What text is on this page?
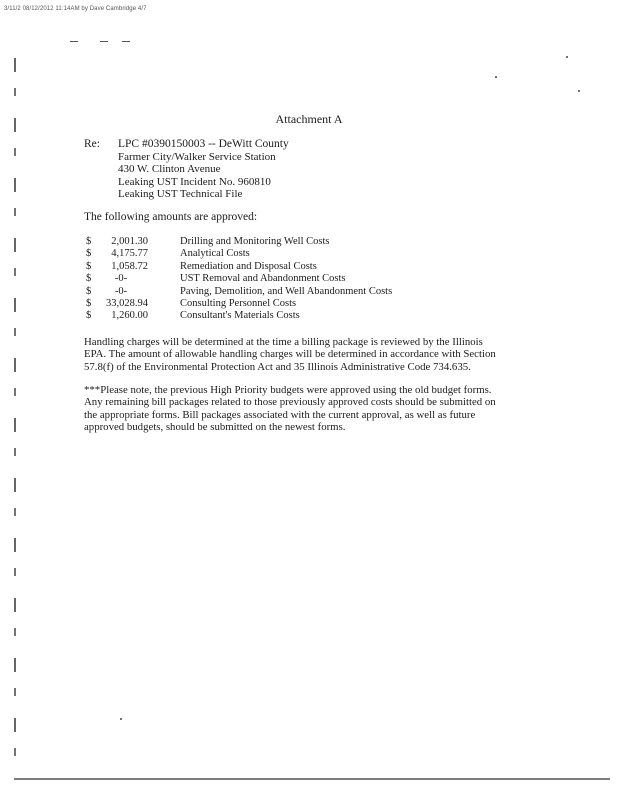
3/11/2 08/12/2012 11:14AM by Dave Cambridge 4/7
Attachment A
Re: LPC #0390150003 -- DeWitt County
Farmer City/Walker Service Station
430 W. Clinton Avenue
Leaking UST Incident No. 960810
Leaking UST Technical File
The following amounts are approved:
$	2,001.30	Drilling and Monitoring Well Costs
$	4,175.77	Analytical Costs
$	1,058.72	Remediation and Disposal Costs
$	-0-	UST Removal and Abandonment Costs
$	-0-	Paving, Demolition, and Well Abandonment Costs
$	33,028.94	Consulting Personnel Costs
$	1,260.00	Consultant's Materials Costs
Handling charges will be determined at the time a billing package is reviewed by the Illinois
EPA. The amount of allowable handling charges will be determined in accordance with Section
57.8(f) of the Environmental Protection Act and 35 Illinois Administrative Code 734.635.
***Please note, the previous High Priority budgets were approved using the old budget forms.
Any remaining bill packages related to those previously approved costs should be submitted on
the appropriate forms. Bill packages associated with the current approval, as well as future
approved budgets, should be submitted on the newest forms.
